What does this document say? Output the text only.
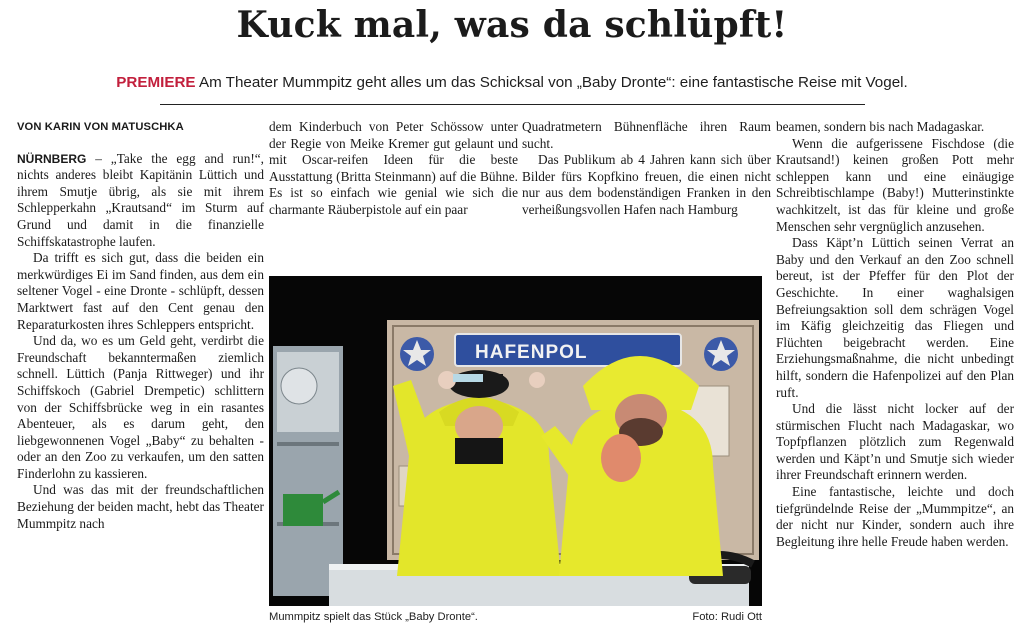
Kuck mal, was da schlüpft!
PREMIERE Am Theater Mummpitz geht alles um das Schicksal von „Baby Dronte“: eine fantastische Reise mit Vogel.
VON KARIN VON MATUSCHKA

NÜRNBERG – „Take the egg and run!“, nichts anderes bleibt Kapitänin Lüttich und ihrem Smutje übrig, als sie mit ihrem Schlepperkahn „Krautsand“ im Sturm auf Grund und damit in die finanzielle Schiffskatastrophe laufen.

Da trifft es sich gut, dass die beiden ein merkwürdiges Ei im Sand finden, aus dem ein seltener Vogel - eine Dronte - schlüpft, dessen Marktwert fast auf den Cent genau den Reparaturkosten ihres Schleppers entspricht.

Und da, wo es um Geld geht, verdirbt die Freundschaft bekanntermaßen ziemlich schnell. Lüttich (Panja Rittweger) und ihr Schiffskoch (Gabriel Drempetic) schlittern von der Schiffsbrücke weg in ein rasantes Abenteuer, als es darum geht, den liebgewonnenen Vogel „Baby“ zu behalten - oder an den Zoo zu verkaufen, um den satten Finderlohn zu kassieren.

Und was das mit der freundschaftlichen Beziehung der beiden macht, hebt das Theater Mummpitz nach

dem Kinderbuch von Peter Schössow unter der Regie von Meike Kremer gut gelaunt und mit Oscar-reifen Ideen für die beste Ausstattung (Britta Steinmann) auf die Bühne. Es ist so einfach wie genial wie sich die charmante Räuberpistole auf ein paar

Quadratmetern Bühnenfläche ihren Raum sucht.

Das Publikum ab 4 Jahren kann sich über Bilder fürs Kopfkino freuen, die einen nicht nur aus dem bodenständigen Franken in den verheißungsvollen Hafen nach Hamburg

beamen, sondern bis nach Madagaskar.

Wenn die aufgerissene Fischdose (die Krautsand!) keinen großen Pott mehr schleppen kann und eine einäugige Schreibtischlampe (Baby!) Mutterinstinkte wachkitzelt, ist das für kleine und große Menschen sehr vergnüglich anzusehen.

Dass Käpt’n Lüttich seinen Verrat an Baby und den Verkauf an den Zoo schnell bereut, ist der Pfeffer für den Plot der Geschichte. In einer waghalsigen Befreiungsaktion soll dem schrägen Vogel im Käfig gleichzeitig das Fliegen und Flüchten beigebracht werden. Eine Erziehungsmaßnahme, die nicht unbedingt hilft, sondern die Hafenpolizei auf den Plan ruft.

Und die lässt nicht locker auf der stürmischen Flucht nach Madagaskar, wo Topfpflanzen plötzlich zum Regenwald werden und Käpt’n und Smutje sich wieder ihrer Freundschaft erinnern werden.

Eine fantastische, leichte und doch tiefgründelnde Reise der „Mummpitze“, an der nicht nur Kinder, sondern auch ihre Begleitung ihre helle Freude haben werden.

HAFENPOL
Mummpitz spielt das Stück „Baby Dronte“.	Foto: Rudi Ott
